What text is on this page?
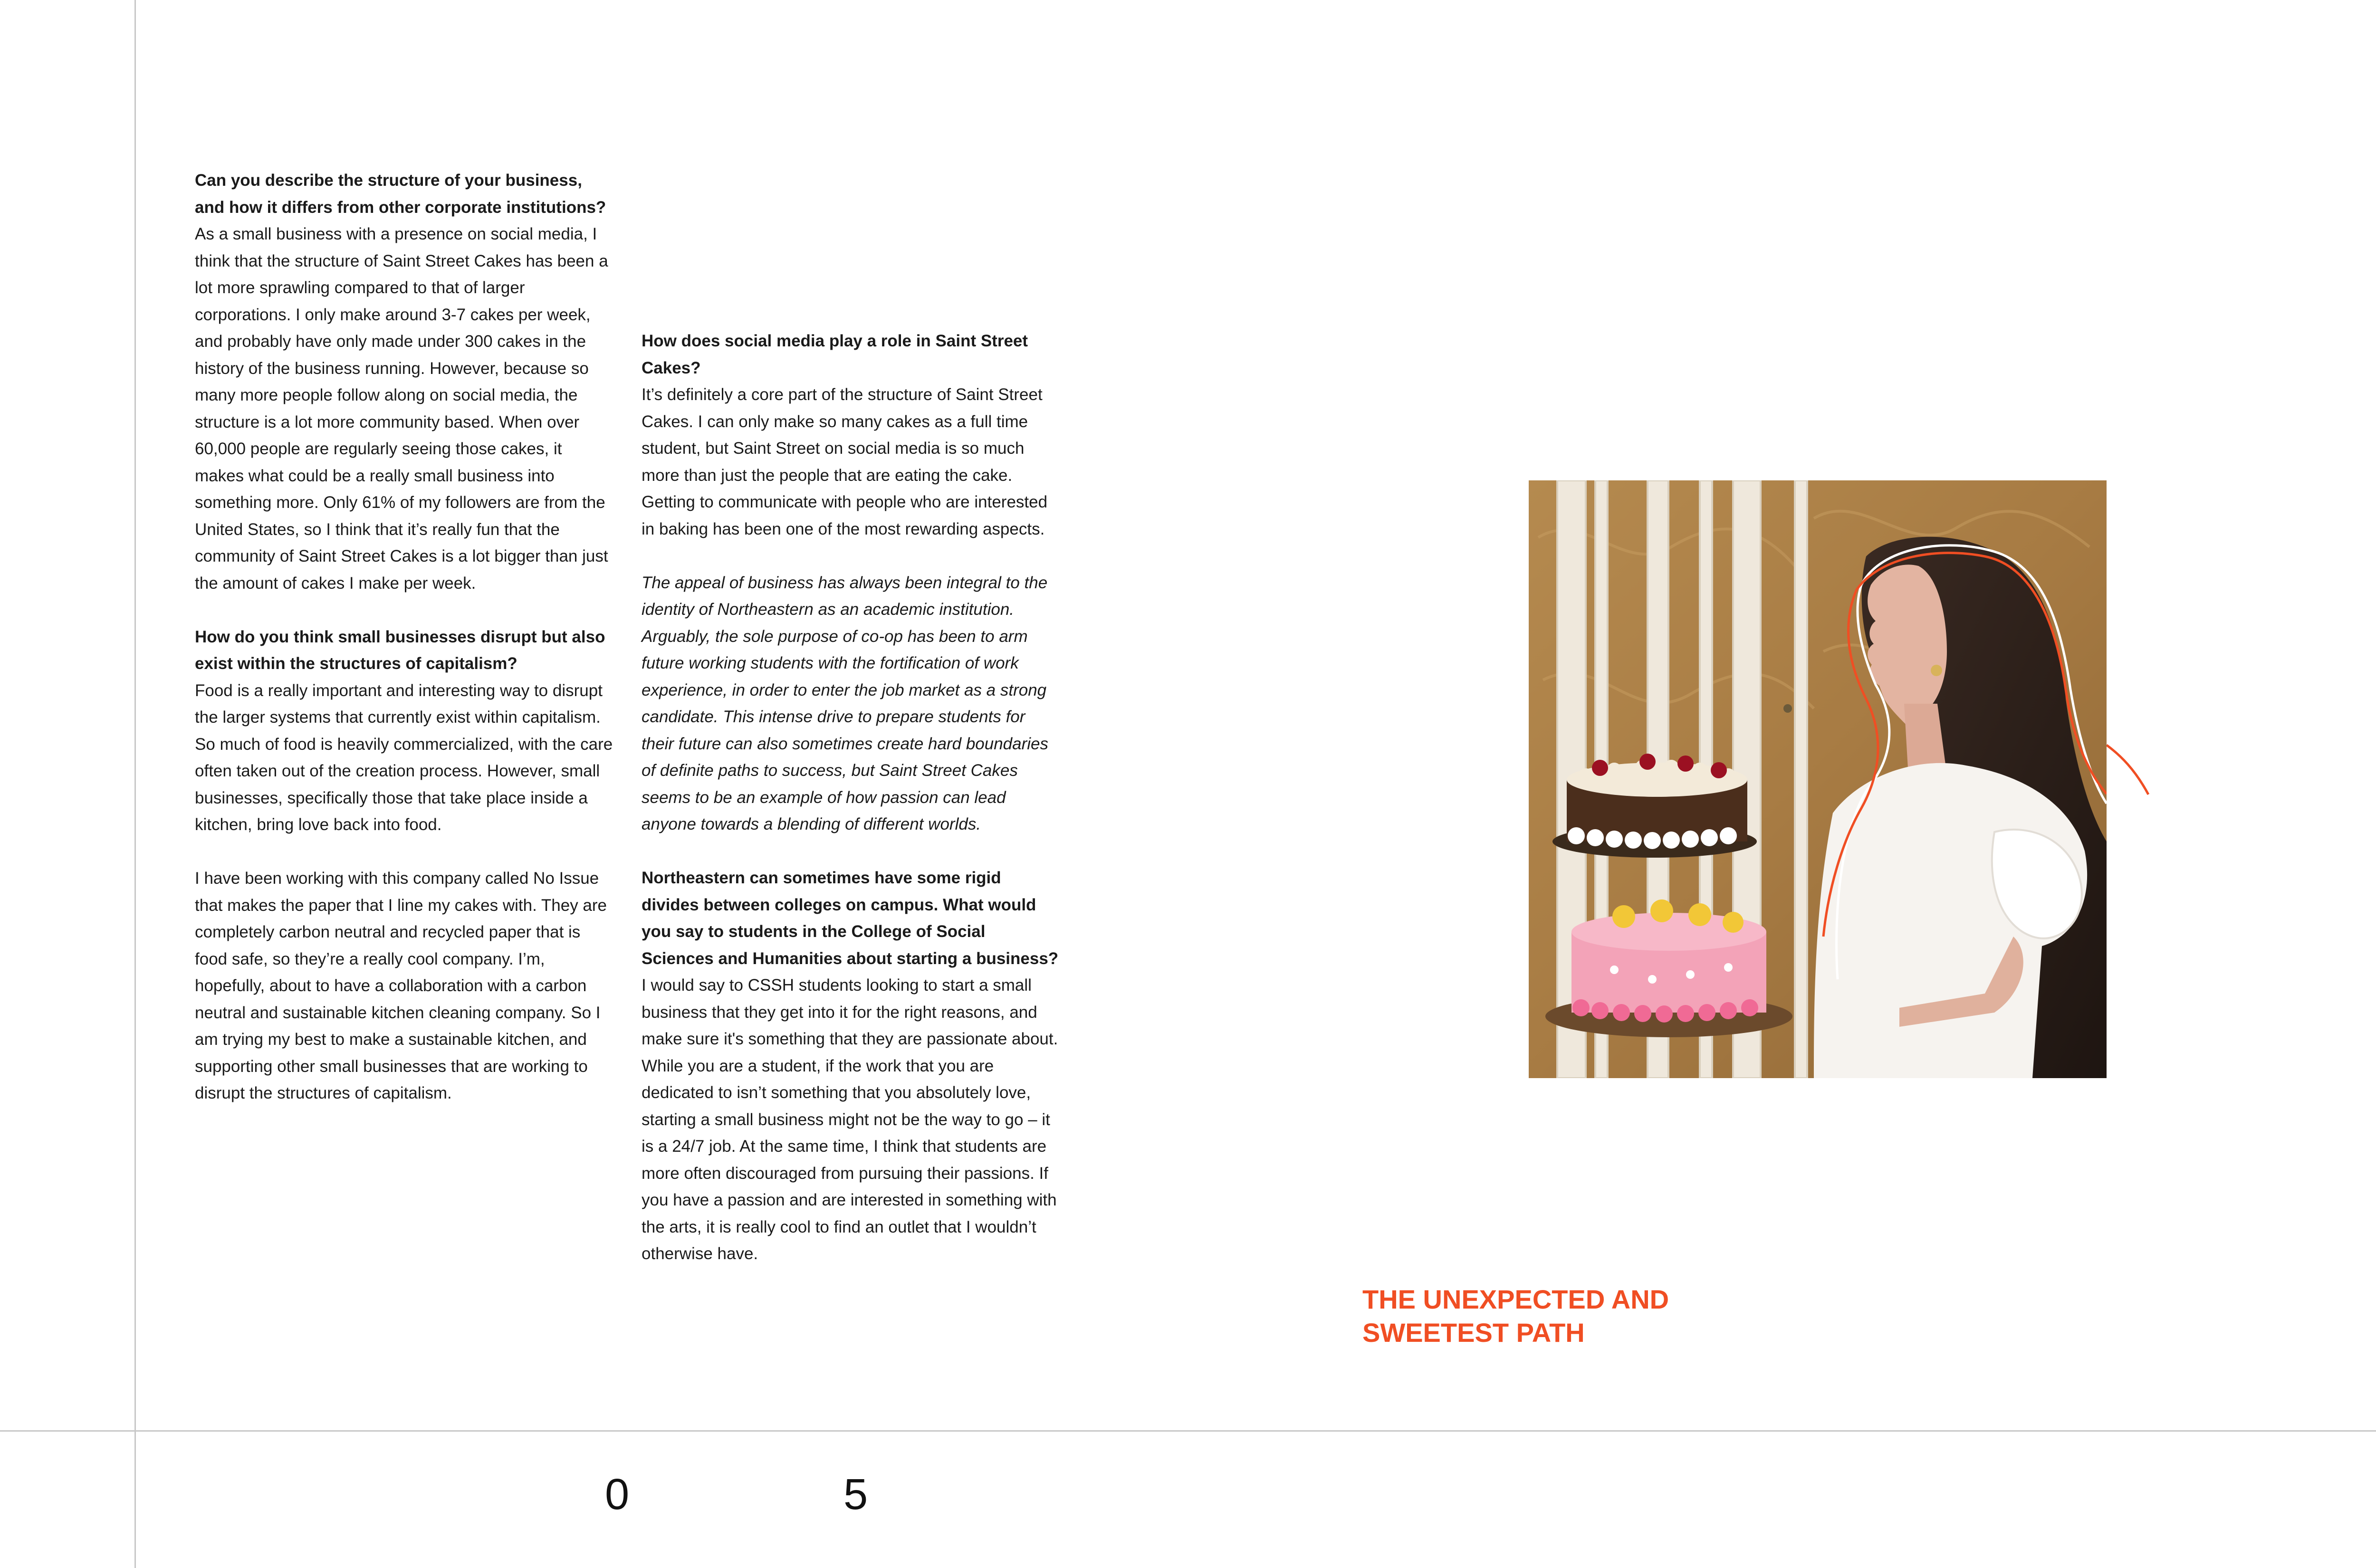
Can you describe the structure of your business, and how it differs from other corporate institutions?

As a small business with a presence on social media, I think that the structure of Saint Street Cakes has been a lot more sprawling compared to that of larger corporations. I only make around 3-7 cakes per week, and probably have only made under 300 cakes in the history of the business running. However, because so many more people follow along on social media, the structure is a lot more community based. When over 60,000 people are regularly seeing those cakes, it makes what could be a really small business into something more. Only 61% of my followers are from the United States, so I think that it’s really fun that the community of Saint Street Cakes is a lot bigger than just the amount of cakes I make per week.

How do you think small businesses disrupt but also exist within the structures of capitalism?

Food is a really important and interesting way to disrupt the larger systems that currently exist within capitalism. So much of food is heavily commercialized, with the care often taken out of the creation process. However, small businesses, specifically those that take place inside a kitchen, bring love back into food.

I have been working with this company called No Issue that makes the paper that I line my cakes with. They are completely carbon neutral and recycled paper that is food safe, so they’re a really cool company. I’m, hopefully, about to have a collaboration with a carbon neutral and sustainable kitchen cleaning company. So I am trying my best to make a sustainable kitchen, and supporting other small businesses that are working to disrupt the structures of capitalism.

How does social media play a role in Saint Street Cakes?

It’s definitely a core part of the structure of Saint Street Cakes. I can only make so many cakes as a full time student, but Saint Street on social media is so much more than just the people that are eating the cake. Getting to communicate with people who are interested in baking has been one of the most rewarding aspects.

The appeal of business has always been integral to the identity of Northeastern as an academic institution. Arguably, the sole purpose of co-op has been to arm future working students with the fortification of work experience, in order to enter the job market as a strong candidate. This intense drive to prepare students for their future can also sometimes create hard boundaries of definite paths to success, but Saint Street Cakes seems to be an example of how passion can lead anyone towards a blending of different worlds.

Northeastern can sometimes have some rigid divides between colleges on campus. What would you say to students in the College of Social Sciences and Humanities about starting a business?

I would say to CSSH students looking to start a small business that they get into it for the right reasons, and make sure it's something that they are passionate about. While you are a student, if the work that you are dedicated to isn’t something that you absolutely love, starting a small business might not be the way to go – it is a 24/7 job. At the same time, I think that students are more often discouraged from pursuing their passions. If you have a passion and are interested in something with the arts, it is really cool to find an outlet that I wouldn’t otherwise have.

THE UNEXPECTED AND

SWEETEST PATH

0	5
